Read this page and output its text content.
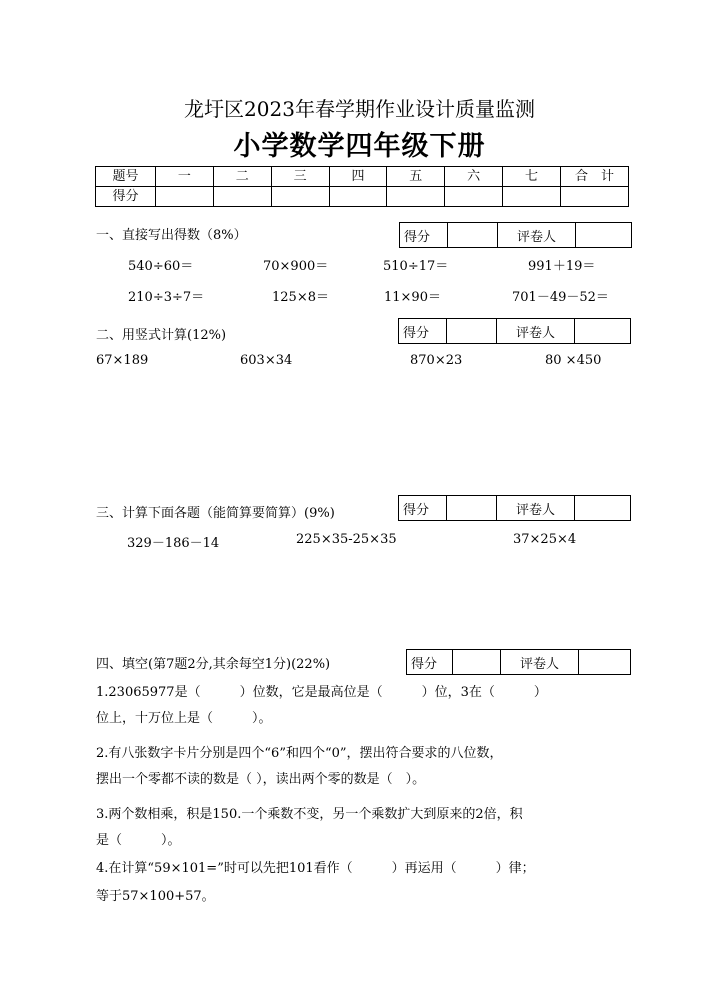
龙圩区2023年春学期作业设计质量监测
小学数学四年级下册
题号	一	二	三	四	五	六	七	合　计
得分								
一、直接写出得数（8%）	得分		评卷人	
540÷60＝	70×900＝	510÷17＝	991＋19＝
210÷3÷7＝	125×8＝	11×90＝	701－49－52＝
二、用竖式计算(12%)	得分		评卷人	
67×189	603×34	870×23	80 ×450
三、计算下面各题（能简算要简算）(9%)	得分		评卷人	
329－186－14	225×35-25×35	37×25×4
四、填空(第7题2分,其余每空1分)(22%)	得分		评卷人	
1.23065977是（　　　）位数，它是最高位是（　　　）位，3在（　　　）
位上，十万位上是（　　　）。
2.有八张数字卡片分别是四个“6”和四个“0”，摆出符合要求的八位数，
摆出一个零都不读的数是（ ），读出两个零的数是（　）。
3.两个数相乘，积是150.一个乘数不变，另一个乘数扩大到原来的2倍，积
是（　　　）。
4.在计算“59×101=”时可以先把101看作（　　　）再运用（　　　）律；
等于57×100+57。
